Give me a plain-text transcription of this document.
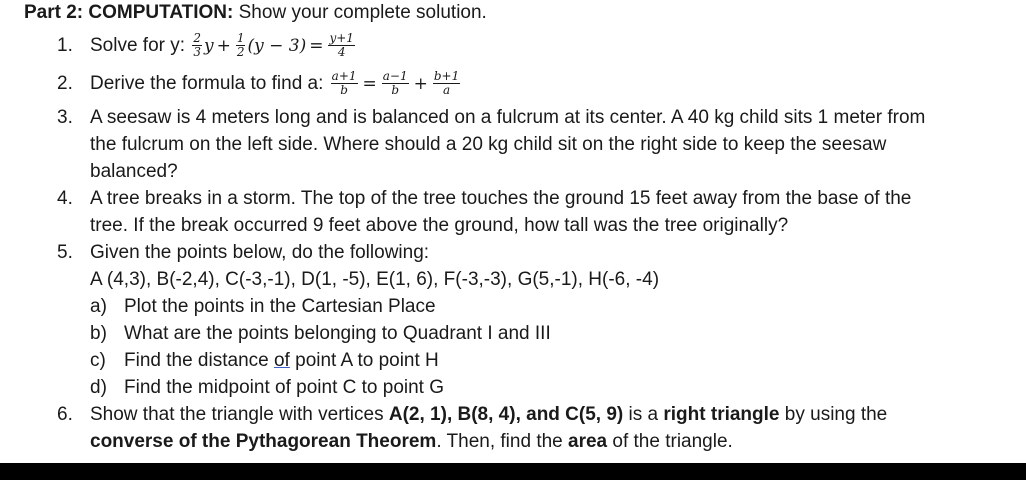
Part 2: COMPUTATION: Show your complete solution.
1. Solve for y: $\frac{2}{3}$ $y + \frac{1}{2} (y - 3) = \frac{y+1}{4}$
2. Derive the formula to find a: $\frac{a+1}{b} = \frac{a-1}{b} + \frac{b+1}{a}$
3. A seesaw is 4 meters long and is balanced on a fulcrum at its center. A 40 kg child sits 1 meter from
the fulcrum on the left side. Where should a 20 kg child sit on the right side to keep the seesaw
balanced?
4. A tree breaks in a storm. The top of the tree touches the ground 15 feet away from the base of the
tree. If the break occurred 9 feet above the ground, how tall was the tree originally?
5. Given the points below, do the following:
A (4,3), B(-2,4), C(-3,-1), D(1, -5), E(1, 6), F(-3,-3), G(5,-1), H(-6, -4)
a) Plot the points in the Cartesian Place
b) What are the points belonging to Quadrant I and III
c) Find the distance of point A to point H
d) Find the midpoint of point C to point G
6. Show that the triangle with vertices A(2, 1), B(8, 4), and C(5, 9) is a right triangle by using the
converse of the Pythagorean Theorem. Then, find the area of the triangle.
